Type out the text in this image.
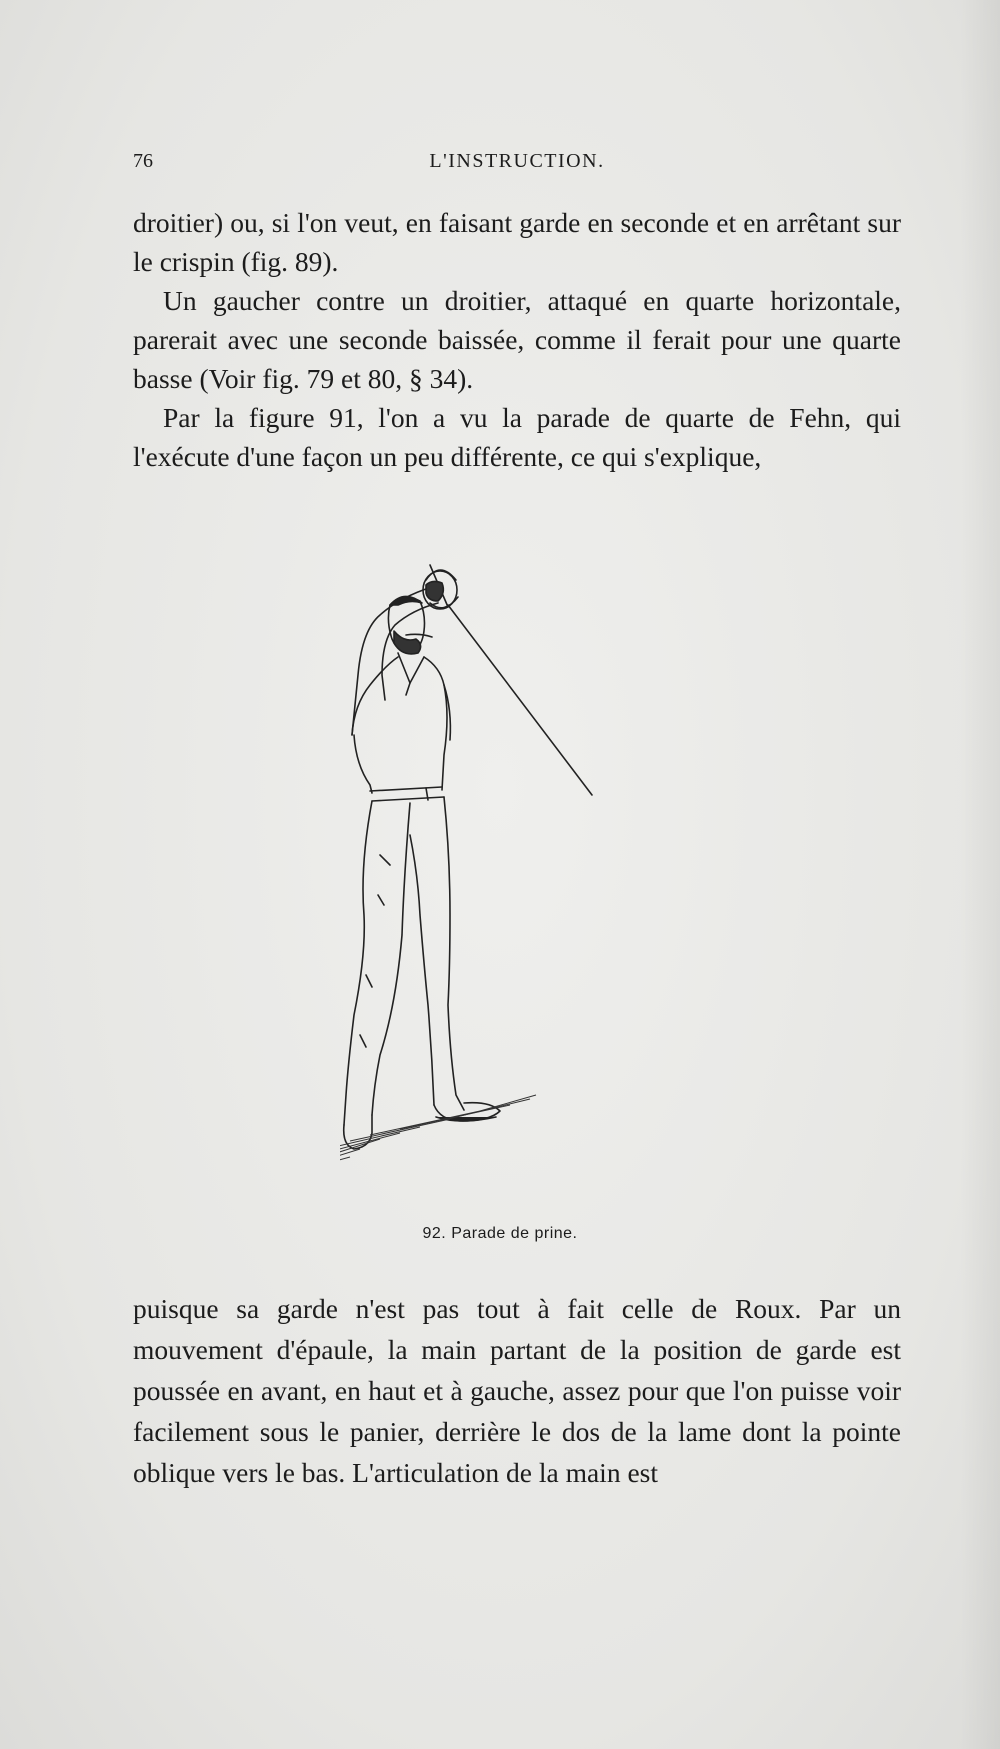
76	L'INSTRUCTION.

droitier) ou, si l'on veut, en faisant garde en seconde et en arrêtant sur le crispin (fig. 89).

Un gaucher contre un droitier, attaqué en quarte horizontale, parerait avec une seconde baissée, comme il ferait pour une quarte basse (Voir fig. 79 et 80, § 34).

Par la figure 91, l'on a vu la parade de quarte de Fehn, qui l'exécute d'une façon un peu différente, ce qui s'explique,

92. Parade de prine.

puisque sa garde n'est pas tout à fait celle de Roux. Par un mouvement d'épaule, la main partant de la position de garde est poussée en avant, en haut et à gauche, assez pour que l'on puisse voir facilement sous le panier, derrière le dos de la lame dont la pointe oblique vers le bas. L'articulation de la main est
